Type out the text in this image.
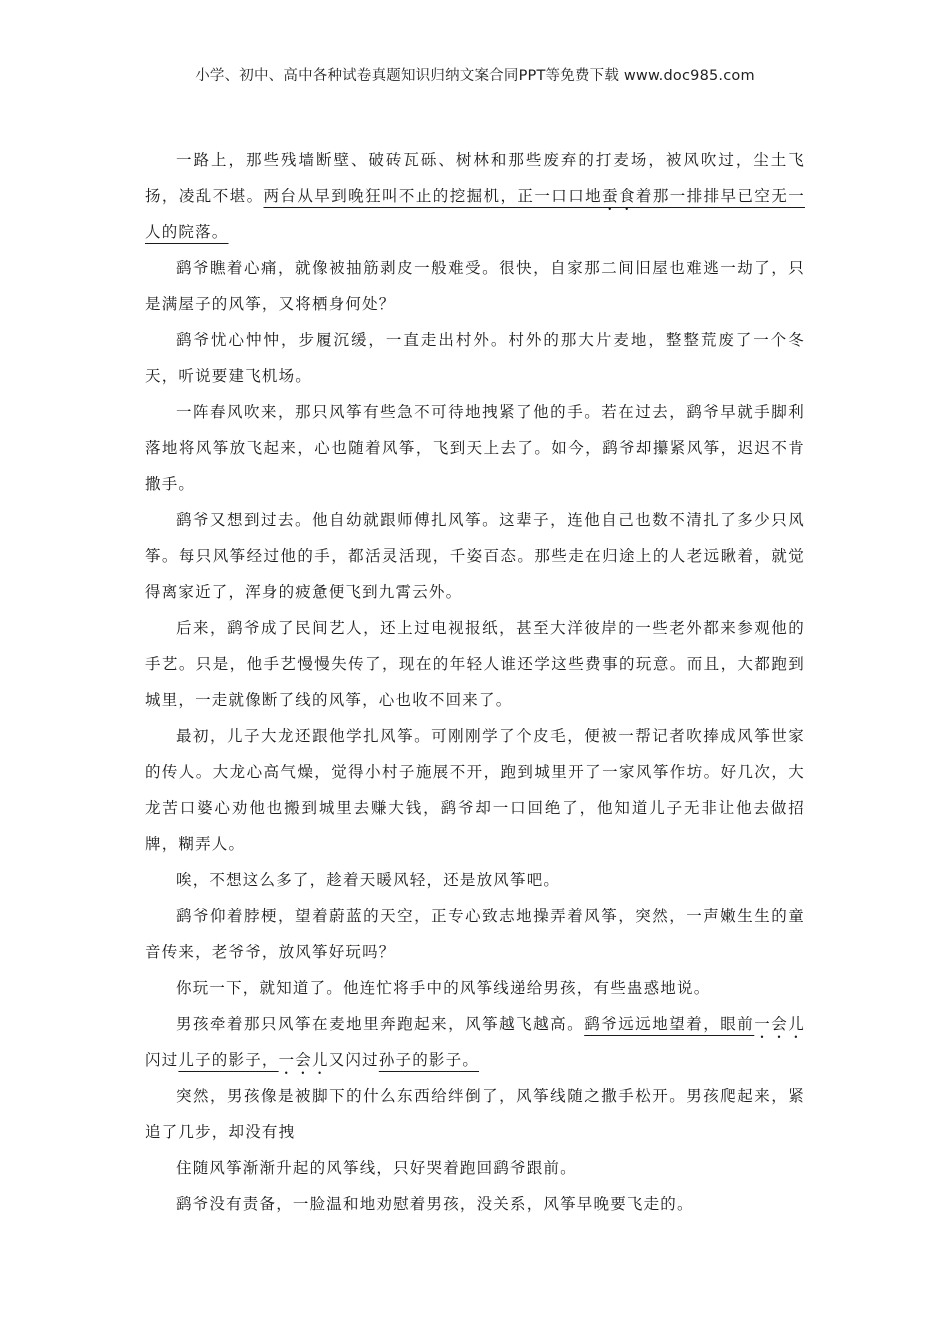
小学、初中、高中各种试卷真题知识归纳文案合同PPT等免费下载 www.doc985.com

一路上，那些残墙断壁、破砖瓦砾、树林和那些废弃的打麦场，被风吹过，尘土飞扬，凌乱不堪。两台从早到晚狂叫不止的挖掘机，正一口口地蚕食着那一排排早已空无一人的院落。

鹞爷瞧着心痛，就像被抽筋剥皮一般难受。很快，自家那二间旧屋也难逃一劫了，只是满屋子的风筝，又将栖身何处？

鹞爷忧心忡忡，步履沉缓，一直走出村外。村外的那大片麦地，整整荒废了一个冬天，听说要建飞机场。

一阵春风吹来，那只风筝有些急不可待地拽紧了他的手。若在过去，鹞爷早就手脚利落地将风筝放飞起来，心也随着风筝，飞到天上去了。如今，鹞爷却攥紧风筝，迟迟不肯撒手。

鹞爷又想到过去。他自幼就跟师傅扎风筝。这辈子，连他自己也数不清扎了多少只风筝。每只风筝经过他的手，都活灵活现，千姿百态。那些走在归途上的人老远瞅着，就觉得离家近了，浑身的疲惫便飞到九霄云外。

后来，鹞爷成了民间艺人，还上过电视报纸，甚至大洋彼岸的一些老外都来参观他的手艺。只是，他手艺慢慢失传了，现在的年轻人谁还学这些费事的玩意。而且，大都跑到城里，一走就像断了线的风筝，心也收不回来了。

最初，儿子大龙还跟他学扎风筝。可刚刚学了个皮毛，便被一帮记者吹捧成风筝世家的传人。大龙心高气燥，觉得小村子施展不开，跑到城里开了一家风筝作坊。好几次，大龙苦口婆心劝他也搬到城里去赚大钱，鹞爷却一口回绝了，他知道儿子无非让他去做招牌，糊弄人。

唉，不想这么多了，趁着天暖风轻，还是放风筝吧。

鹞爷仰着脖梗，望着蔚蓝的天空，正专心致志地操弄着风筝，突然，一声嫩生生的童音传来，老爷爷，放风筝好玩吗？

你玩一下，就知道了。他连忙将手中的风筝线递给男孩，有些蛊惑地说。

男孩牵着那只风筝在麦地里奔跑起来，风筝越飞越高。鹞爷远远地望着，眼前一会儿闪过儿子的影子，一会儿又闪过孙子的影子。

突然，男孩像是被脚下的什么东西给绊倒了，风筝线随之撒手松开。男孩爬起来，紧追了几步，却没有拽

住随风筝渐渐升起的风筝线，只好哭着跑回鹞爷跟前。

鹞爷没有责备，一脸温和地劝慰着男孩，没关系，风筝早晚要飞走的。
